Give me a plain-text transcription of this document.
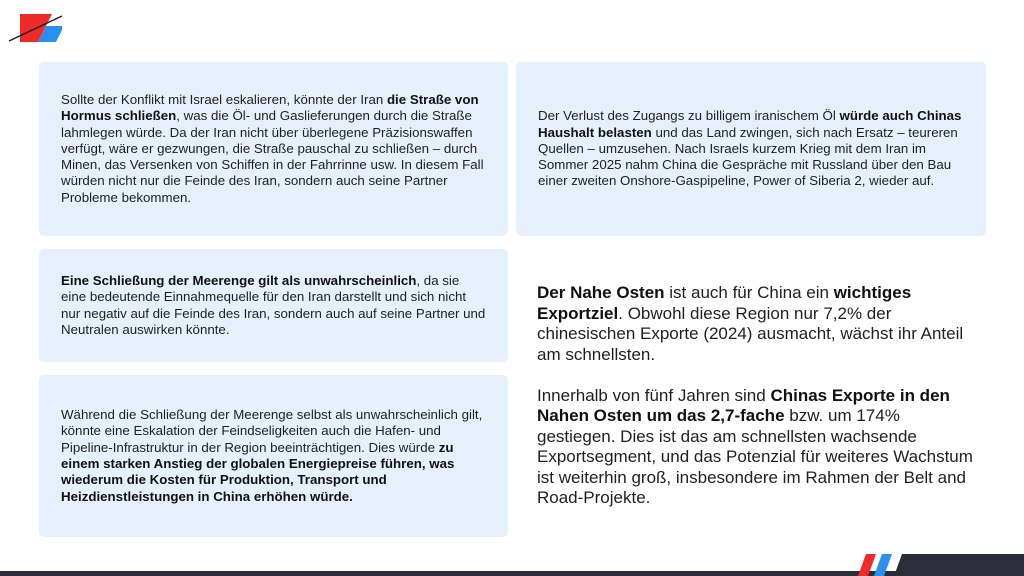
Sollte der Konflikt mit Israel eskalieren, könnte der Iran die Straße von Hormus schließen, was die Öl- und Gaslieferungen durch die Straße lahmlegen würde. Da der Iran nicht über überlegene Präzisionswaffen verfügt, wäre er gezwungen, die Straße pauschal zu schließen – durch Minen, das Versenken von Schiffen in der Fahrrinne usw. In diesem Fall würden nicht nur die Feinde des Iran, sondern auch seine Partner Probleme bekommen.

Der Verlust des Zugangs zu billigem iranischem Öl würde auch Chinas Haushalt belasten und das Land zwingen, sich nach Ersatz – teureren Quellen – umzusehen. Nach Israels kurzem Krieg mit dem Iran im Sommer 2025 nahm China die Gespräche mit Russland über den Bau einer zweiten Onshore-Gaspipeline, Power of Siberia 2, wieder auf.

Eine Schließung der Meerenge gilt als unwahrscheinlich, da sie eine bedeutende Einnahmequelle für den Iran darstellt und sich nicht nur negativ auf die Feinde des Iran, sondern auch auf seine Partner und Neutralen auswirken könnte.

Während die Schließung der Meerenge selbst als unwahrscheinlich gilt, könnte eine Eskalation der Feindseligkeiten auch die Hafen- und Pipeline-Infrastruktur in der Region beeinträchtigen. Dies würde zu einem starken Anstieg der globalen Energiepreise führen, was wiederum die Kosten für Produktion, Transport und Heizdienstleistungen in China erhöhen würde.

Der Nahe Osten ist auch für China ein wichtiges Exportziel. Obwohl diese Region nur 7,2% der chinesischen Exporte (2024) ausmacht, wächst ihr Anteil am schnellsten.

Innerhalb von fünf Jahren sind Chinas Exporte in den Nahen Osten um das 2,7-fache bzw. um 174% gestiegen. Dies ist das am schnellsten wachsende Exportsegment, und das Potenzial für weiteres Wachstum ist weiterhin groß, insbesondere im Rahmen der Belt and Road-Projekte.
